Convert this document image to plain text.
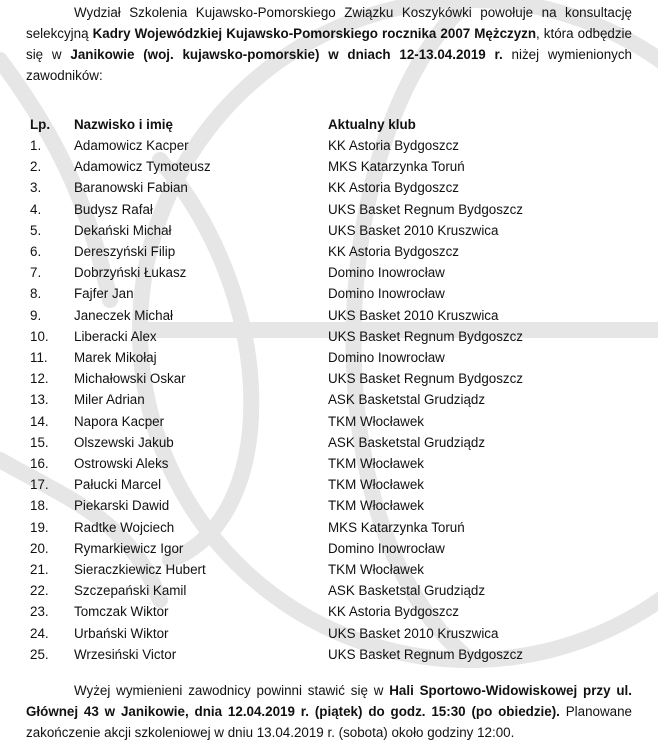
Wydział Szkolenia Kujawsko-Pomorskiego Związku Koszykówki powołuje na konsultację selekcyjną Kadry Wojewódzkiej Kujawsko-Pomorskiego rocznika 2007 Mężczyzn, która odbędzie się w Janikowie (woj. kujawsko-pomorskie) w dniach 12-13.04.2019 r. niżej wymienionych zawodników:

Lp. Nazwisko i imię	Aktualny klub
1. Adamowicz Kacper	KK Astoria Bydgoszcz
2. Adamowicz Tymoteusz	MKS Katarzynka Toruń
3. Baranowski Fabian	KK Astoria Bydgoszcz
4. Budysz Rafał	UKS Basket Regnum Bydgoszcz
5. Dekański Michał	UKS Basket 2010 Kruszwica
6. Dereszyński Filip	KK Astoria Bydgoszcz
7. Dobrzyński Łukasz	Domino Inowrocław
8. Fajfer Jan	Domino Inowrocław
9. Janeczek Michał	UKS Basket 2010 Kruszwica
10. Liberacki Alex	UKS Basket Regnum Bydgoszcz
11. Marek Mikołaj	Domino Inowrocław
12. Michałowski Oskar	UKS Basket Regnum Bydgoszcz
13. Miler Adrian	ASK Basketstal Grudziądz
14. Napora Kacper	TKM Włocławek
15. Olszewski Jakub	ASK Basketstal Grudziądz
16. Ostrowski Aleks	TKM Włocławek
17. Pałucki Marcel	TKM Włocławek
18. Piekarski Dawid	TKM Włocławek
19. Radtke Wojciech	MKS Katarzynka Toruń
20. Rymarkiewicz Igor	Domino Inowrocław
21. Sieraczkiewicz Hubert	TKM Włocławek
22. Szczepański Kamil	ASK Basketstal Grudziądz
23. Tomczak Wiktor	KK Astoria Bydgoszcz
24. Urbański Wiktor	UKS Basket 2010 Kruszwica
25. Wrzesiński Victor	UKS Basket Regnum Bydgoszcz

Wyżej wymienieni zawodnicy powinni stawić się w Hali Sportowo-Widowiskowej przy ul. Głównej 43 w Janikowie, dnia 12.04.2019 r. (piątek) do godz. 15:30 (po obiedzie). Planowane zakończenie akcji szkoleniowej w dniu 13.04.2019 r. (sobota) około godziny 12:00.
